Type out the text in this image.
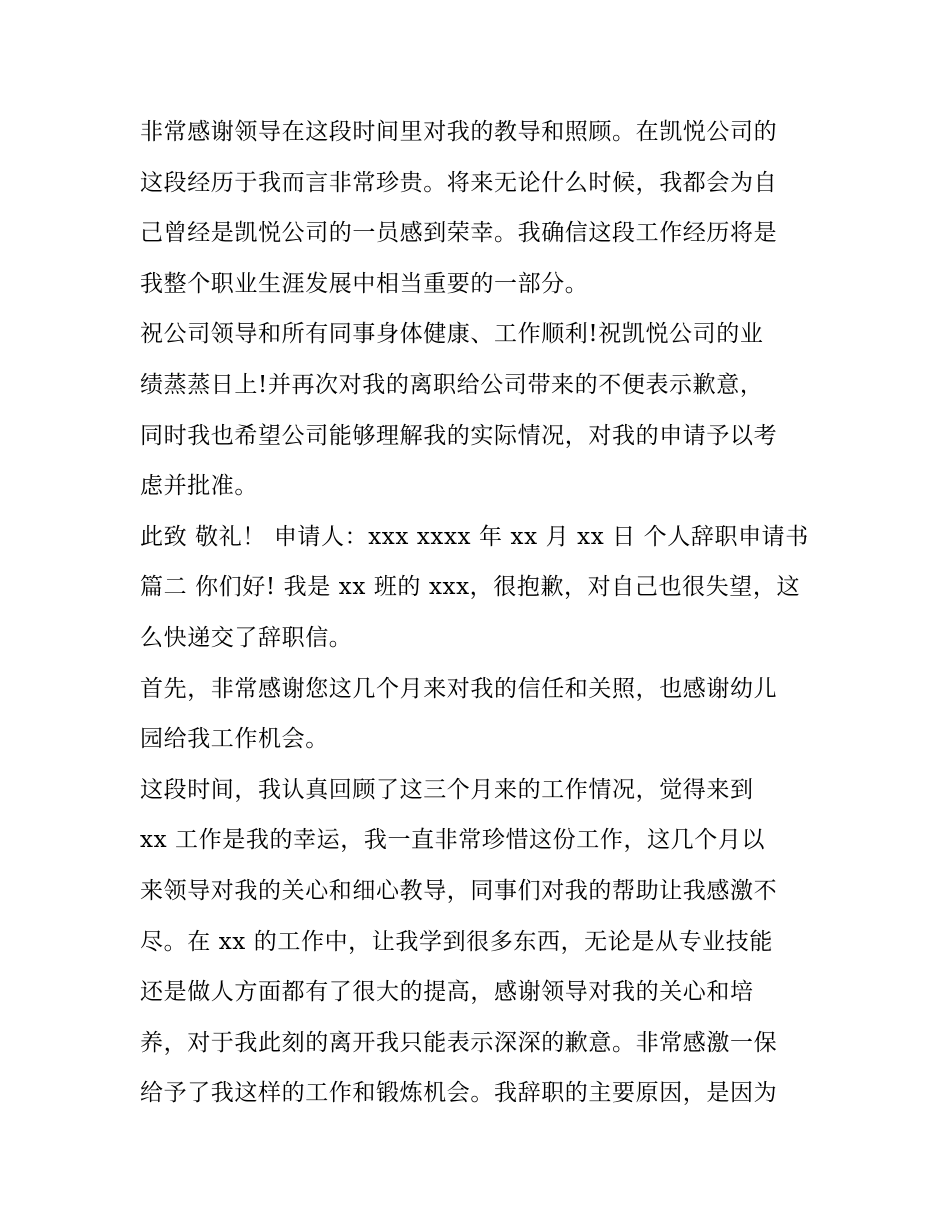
非常感谢领导在这段时间里对我的教导和照顾。在凯悦公司的
这段经历于我而言非常珍贵。将来无论什么时候，我都会为自
己曾经是凯悦公司的一员感到荣幸。我确信这段工作经历将是
我整个职业生涯发展中相当重要的一部分。
祝公司领导和所有同事身体健康、工作顺利!祝凯悦公司的业
绩蒸蒸日上!并再次对我的离职给公司带来的不便表示歉意，
同时我也希望公司能够理解我的实际情况，对我的申请予以考
虑并批准。
此致 敬礼！ 申请人：xxx xxxx 年 xx 月 xx 日 个人辞职申请书
篇二 你们好! 我是 xx 班的 xxx，很抱歉，对自己也很失望，这
么快递交了辞职信。
首先，非常感谢您这几个月来对我的信任和关照，也感谢幼儿
园给我工作机会。
这段时间，我认真回顾了这三个月来的工作情况，觉得来到
xx 工作是我的幸运，我一直非常珍惜这份工作，这几个月以
来领导对我的关心和细心教导，同事们对我的帮助让我感激不
尽。在 xx 的工作中，让我学到很多东西，无论是从专业技能
还是做人方面都有了很大的提高，感谢领导对我的关心和培
养，对于我此刻的离开我只能表示深深的歉意。非常感激一保
给予了我这样的工作和锻炼机会。我辞职的主要原因，是因为
